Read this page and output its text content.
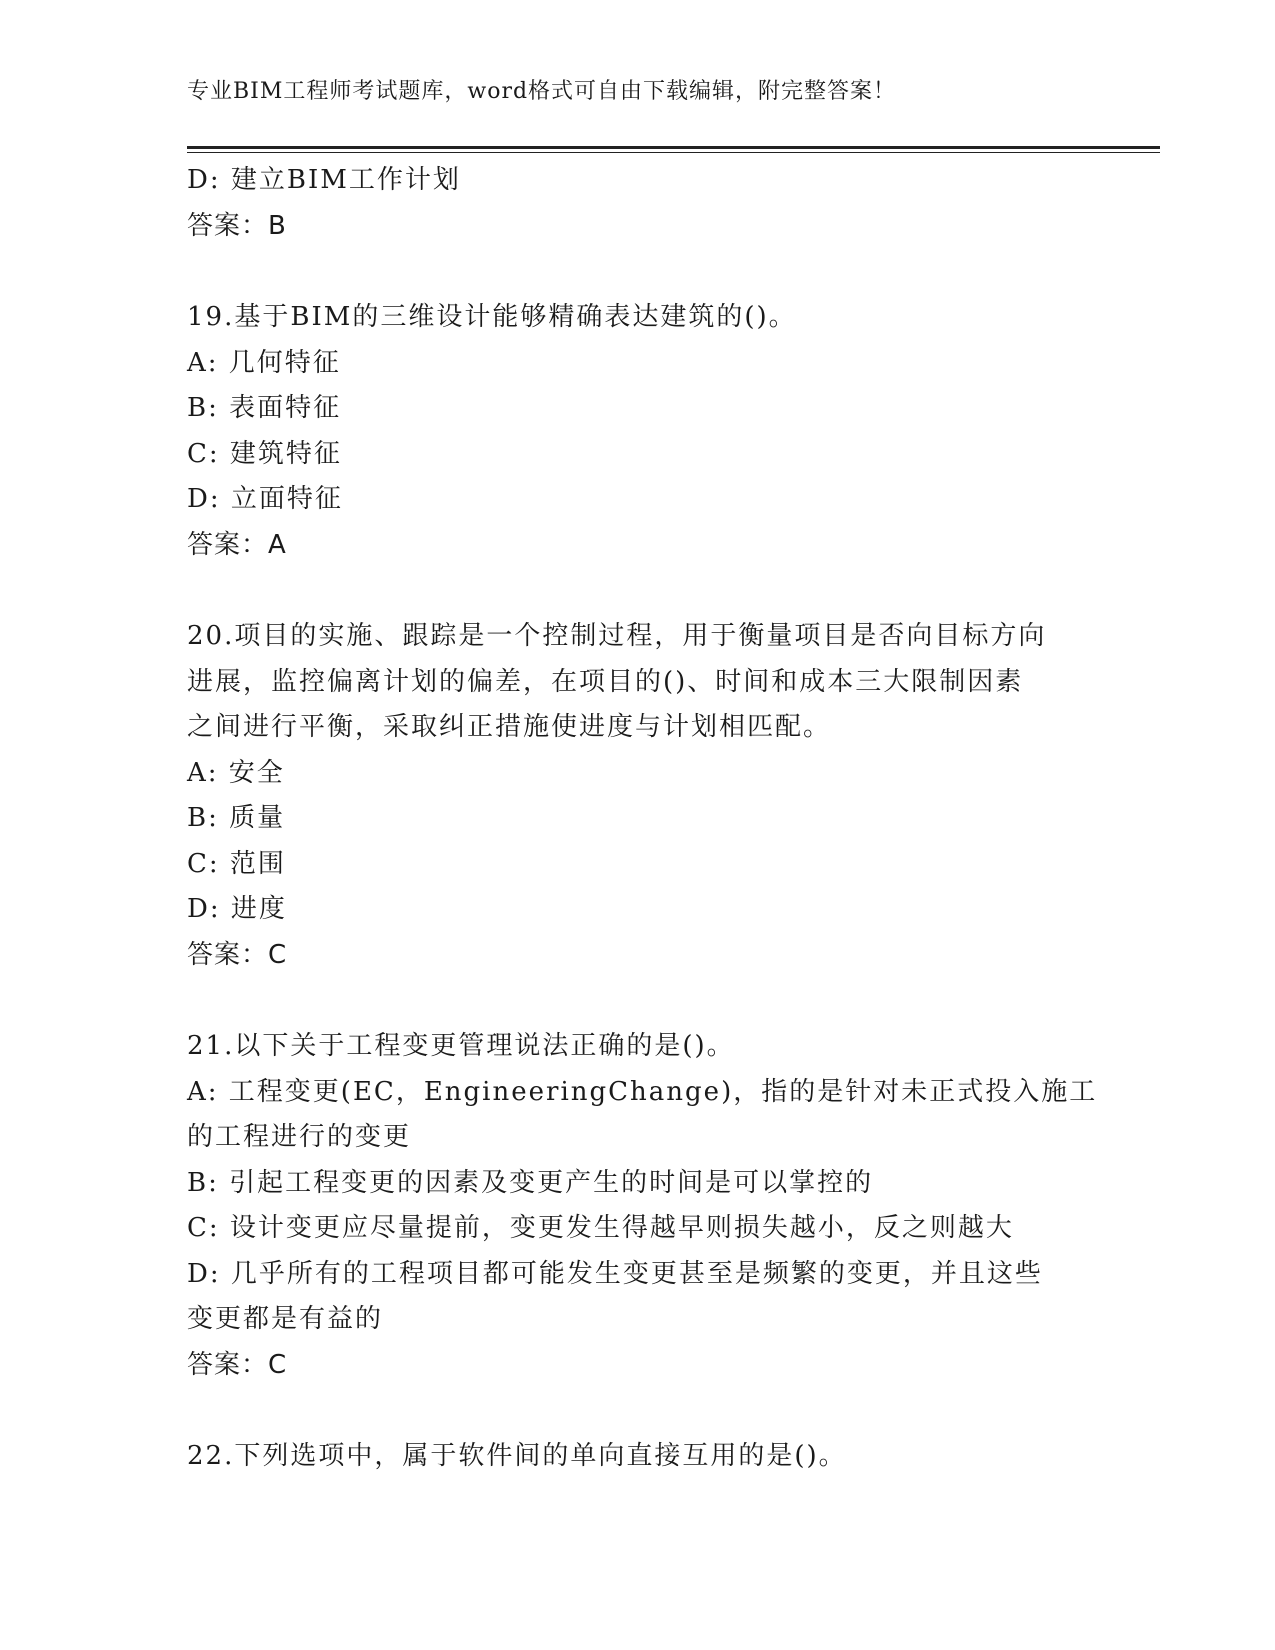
专业BIM工程师考试题库，word格式可自由下载编辑，附完整答案！
D: 建立BIM工作计划
答案：B
19.基于BIM的三维设计能够精确表达建筑的()。
A: 几何特征
B: 表面特征
C: 建筑特征
D: 立面特征
答案：A
20.项目的实施、跟踪是一个控制过程，用于衡量项目是否向目标方向
进展，监控偏离计划的偏差，在项目的()、时间和成本三大限制因素
之间进行平衡，采取纠正措施使进度与计划相匹配。
A: 安全
B: 质量
C: 范围
D: 进度
答案：C
21.以下关于工程变更管理说法正确的是()。
A: 工程变更(EC，EngineeringChange)，指的是针对未正式投入施工
的工程进行的变更
B: 引起工程变更的因素及变更产生的时间是可以掌控的
C: 设计变更应尽量提前，变更发生得越早则损失越小，反之则越大
D: 几乎所有的工程项目都可能发生变更甚至是频繁的变更，并且这些
变更都是有益的
答案：C
22.下列选项中，属于软件间的单向直接互用的是()。
